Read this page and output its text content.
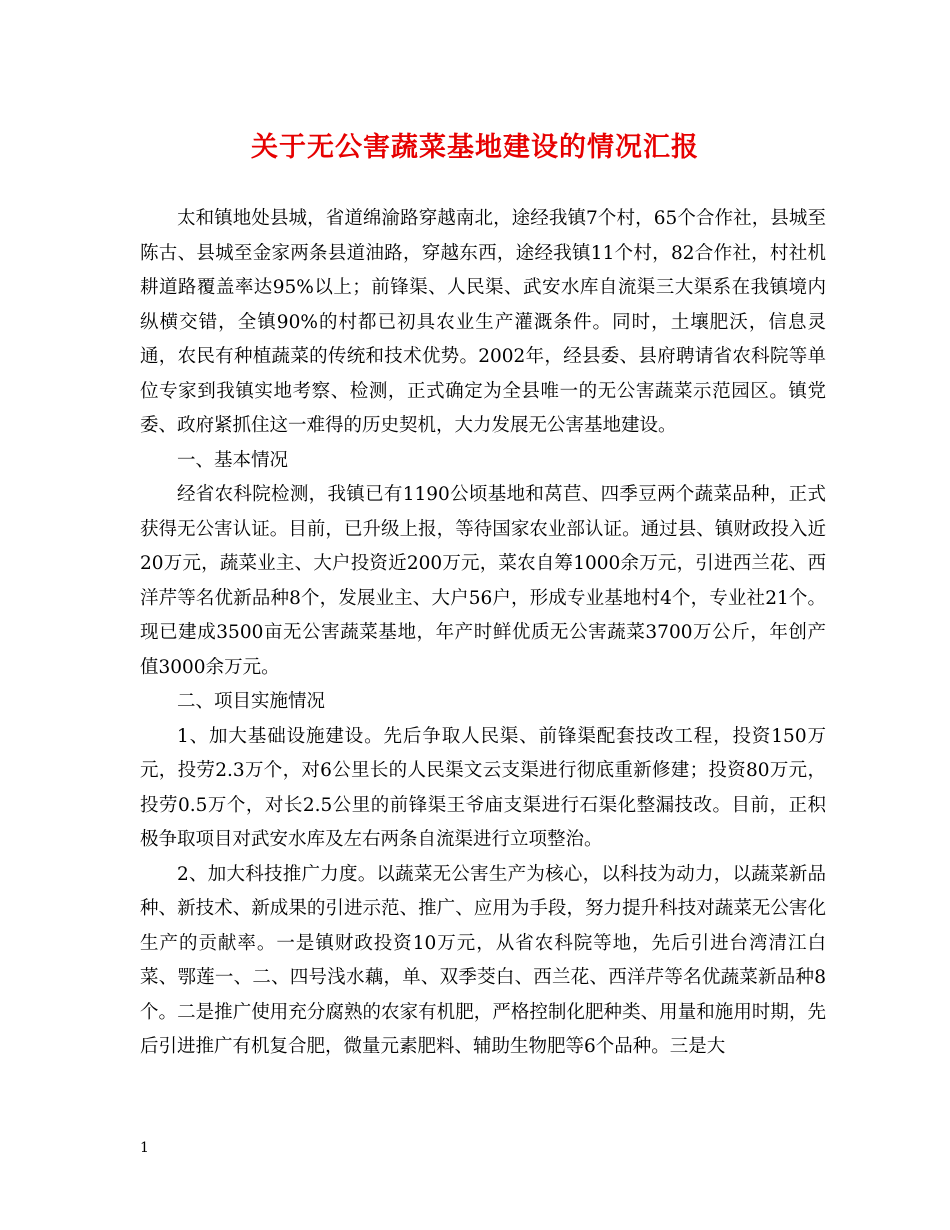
关于无公害蔬菜基地建设的情况汇报

太和镇地处县城，省道绵渝路穿越南北，途经我镇7个村，65个合作社，县城至陈古、县城至金家两条县道油路，穿越东西，途经我镇11个村，82合作社，村社机耕道路覆盖率达95%以上；前锋渠、人民渠、武安水库自流渠三大渠系在我镇境内纵横交错，全镇90%的村都已初具农业生产灌溉条件。同时，土壤肥沃，信息灵通，农民有种植蔬菜的传统和技术优势。2002年，经县委、县府聘请省农科院等单位专家到我镇实地考察、检测，正式确定为全县唯一的无公害蔬菜示范园区。镇党委、政府紧抓住这一难得的历史契机，大力发展无公害基地建设。

一、基本情况

经省农科院检测，我镇已有1190公顷基地和莴苣、四季豆两个蔬菜品种，正式获得无公害认证。目前，已升级上报，等待国家农业部认证。通过县、镇财政投入近20万元，蔬菜业主、大户投资近200万元，菜农自筹1000余万元，引进西兰花、西洋芹等名优新品种8个，发展业主、大户56户，形成专业基地村4个，专业社21个。现已建成3500亩无公害蔬菜基地，年产时鲜优质无公害蔬菜3700万公斤，年创产值3000余万元。

二、项目实施情况

1、加大基础设施建设。先后争取人民渠、前锋渠配套技改工程，投资150万元，投劳2.3万个，对6公里长的人民渠文云支渠进行彻底重新修建；投资80万元，投劳0.5万个，对长2.5公里的前锋渠王爷庙支渠进行石渠化整漏技改。目前，正积极争取项目对武安水库及左右两条自流渠进行立项整治。

2、加大科技推广力度。以蔬菜无公害生产为核心，以科技为动力，以蔬菜新品种、新技术、新成果的引进示范、推广、应用为手段，努力提升科技对蔬菜无公害化生产的贡献率。一是镇财政投资10万元，从省农科院等地，先后引进台湾清江白菜、鄂莲一、二、四号浅水藕，单、双季茭白、西兰花、西洋芹等名优蔬菜新品种8个。二是推广使用充分腐熟的农家有机肥，严格控制化肥种类、用量和施用时期，先后引进推广有机复合肥，微量元素肥料、辅助生物肥等6个品种。三是大

1
